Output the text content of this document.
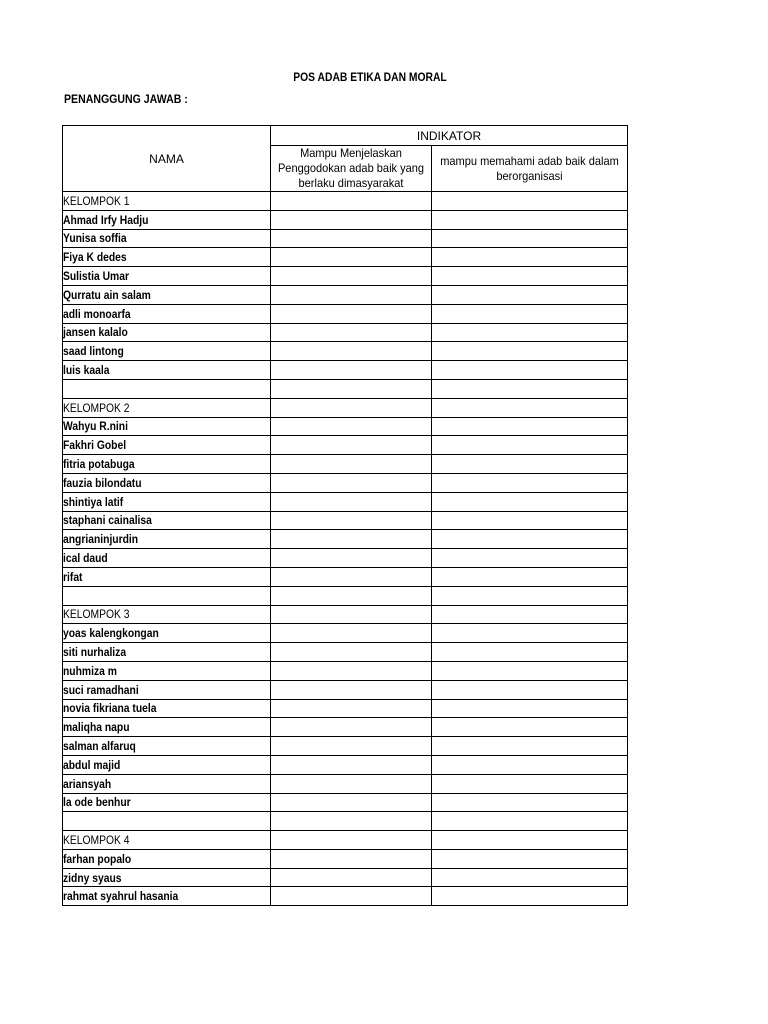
POS ADAB ETIKA DAN MORAL
PENANGGUNG JAWAB :
NAMA	INDIKATOR	

	Mampu Menjelaskan Penggodokan adab baik yang berlaku dimasyarakat	mampu memahami adab baik dalam berorganisasi

KELOMPOK 1		
Ahmad Irfy Hadju		
Yunisa soffia		
Fiya K dedes		
Sulistia Umar		
Qurratu ain salam		
adli monoarfa		
jansen kalalo		
saad lintong		
luis kaala		

KELOMPOK 2		
Wahyu R.nini		
Fakhri Gobel		
fitria potabuga		
fauzia bilondatu		
shintiya latif		
staphani cainalisa		
angrianinjurdin		
ical daud		
rifat		

KELOMPOK 3		
yoas kalengkongan		
siti nurhaliza		
nuhmiza m		
suci ramadhani		
novia fikriana tuela		
maliqha napu		
salman alfaruq		
abdul majid		
ariansyah		
la ode benhur		

KELOMPOK 4		
farhan popalo		
zidny syaus		
rahmat syahrul hasania		
